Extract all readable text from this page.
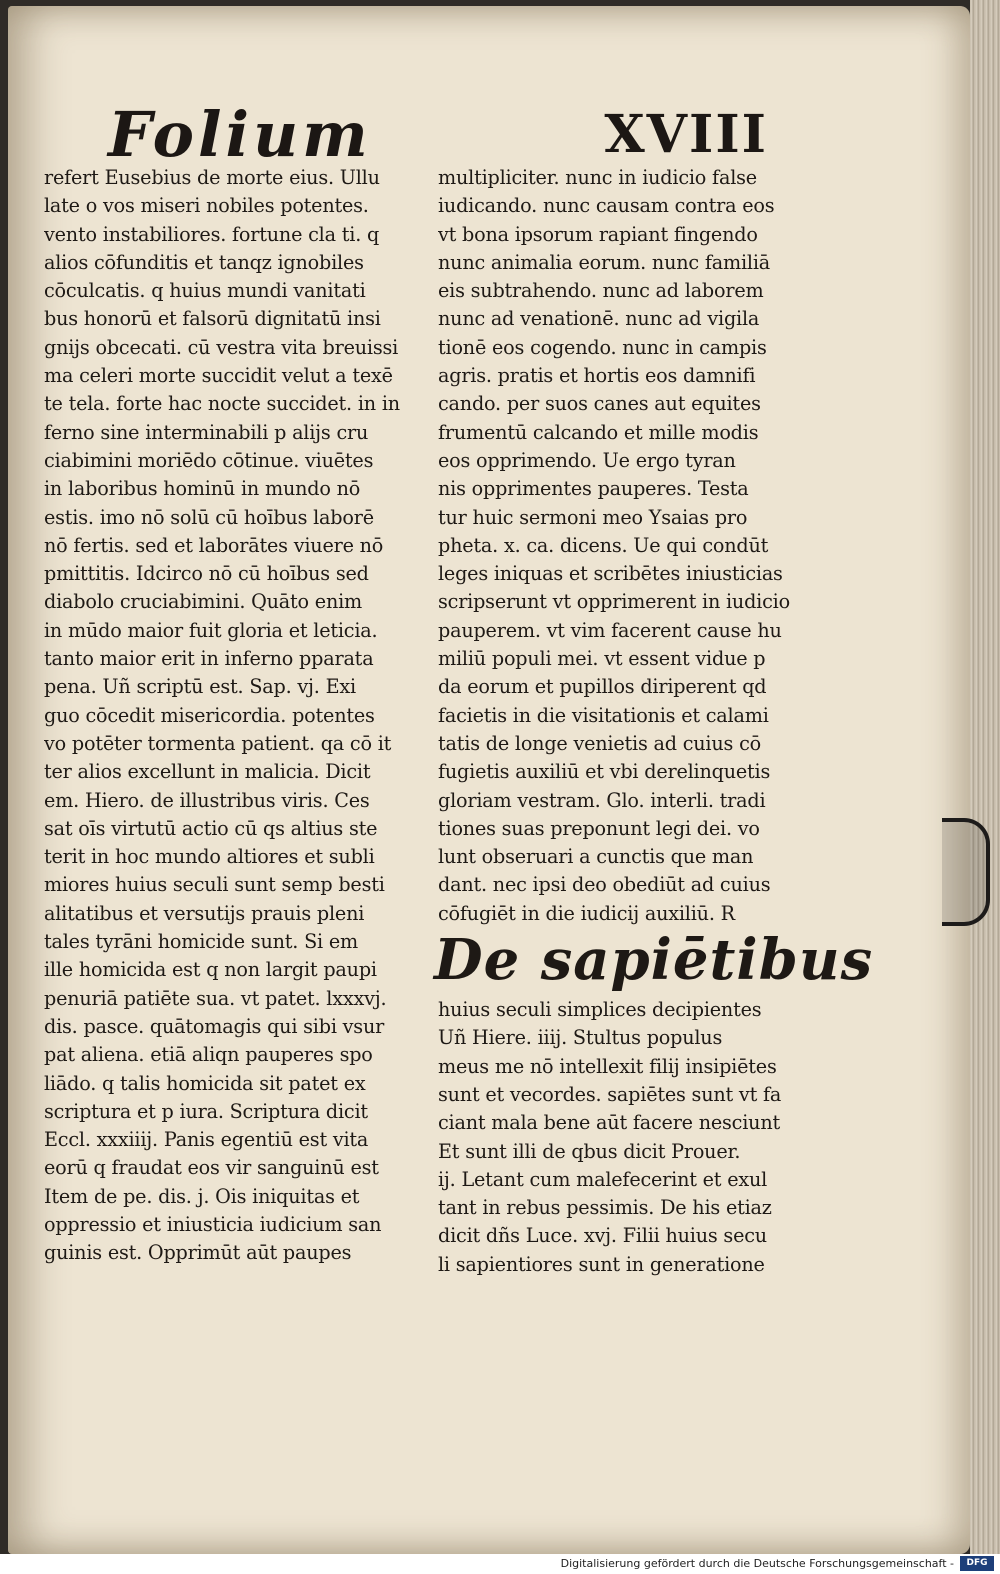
Folium	XVIII
refert Eusebius de morte eius. Ullu
late o vos miseri nobiles potentes.
vento instabiliores. fortune cla ti. q
alios cōfunditis et tanqz ignobiles
cōculcatis. q huius mundi vanitati
bus honorū et falsorū dignitatū insi
gnijs obcecati. cū vestra vita breuissi
ma celeri morte succidit velut a texē
te tela. forte hac nocte succidet. in in
ferno sine interminabili p alijs cru
ciabimini moriēdo cōtinue. viuētes
in laboribus hominū in mundo nō
estis. imo nō solū cū hoībus laborē
nō fertis. sed et laborātes viuere nō
pmittitis. Idcirco nō cū hoībus sed
diabolo cruciabimini. Quāto enim
in mūdo maior fuit gloria et leticia.
tanto maior erit in inferno pparata
pena. Uñ scriptū est. Sap. vj. Exi
guo cōcedit misericordia. potentes
vo potēter tormenta patient. qa cō it
ter alios excellunt in malicia. Dicit
em. Hiero. de illustribus viris. Ces
sat oīs virtutū actio cū qs altius ste
terit in hoc mundo altiores et subli
miores huius seculi sunt semp besti
alitatibus et versutijs prauis pleni
tales tyrāni homicide sunt. Si em
ille homicida est q non largit paupi
penuriā patiēte sua. vt patet. lxxxvj.
dis. pasce. quātomagis qui sibi vsur
pat aliena. etiā aliqn pauperes spo
liādo. q talis homicida sit patet ex
scriptura et p iura. Scriptura dicit
Eccl. xxxiiij. Panis egentiū est vita
eorū q fraudat eos vir sanguinū est
Item de pe. dis. j. Ois iniquitas et
oppressio et iniusticia iudicium san
guinis est. Opprimūt aūt paupes
multipliciter. nunc in iudicio false
iudicando. nunc causam contra eos
vt bona ipsorum rapiant fingendo
nunc animalia eorum. nunc familiā
eis subtrahendo. nunc ad laborem
nunc ad venationē. nunc ad vigila
tionē eos cogendo. nunc in campis
agris. pratis et hortis eos damnifi
cando. per suos canes aut equites
frumentū calcando et mille modis
eos opprimendo. Ue ergo tyran
nis opprimentes pauperes. Testa
tur huic sermoni meo Ysaias pro
pheta. x. ca. dicens. Ue qui condūt
leges iniquas et scribētes iniusticias
scripserunt vt opprimerent in iudicio
pauperem. vt vim facerent cause hu
miliū populi mei. vt essent vidue p
da eorum et pupillos diriperent qd
facietis in die visitationis et calami
tatis de longe venietis ad cuius cō
fugietis auxiliū et vbi derelinquetis
gloriam vestram. Glo. interli. tradi
tiones suas preponunt legi dei. vo
lunt obseruari a cunctis que man
dant. nec ipsi deo obediūt ad cuius
cōfugiēt in die iudicij auxiliū. R
De sapiētibus
huius seculi simplices decipientes
Uñ Hiere. iiij. Stultus populus
meus me nō intellexit filij insipiētes
sunt et vecordes. sapiētes sunt vt fa
ciant mala bene aūt facere nesciunt
Et sunt illi de qbus dicit Prouer.
ij. Letant cum malefecerint et exul
tant in rebus pessimis. De his etiaz
dicit dñs Luce. xvj. Filii huius secu
li sapientiores sunt in generatione
Digitalisierung gefördert durch die Deutsche Forschungsgemeinschaft -	DFG
